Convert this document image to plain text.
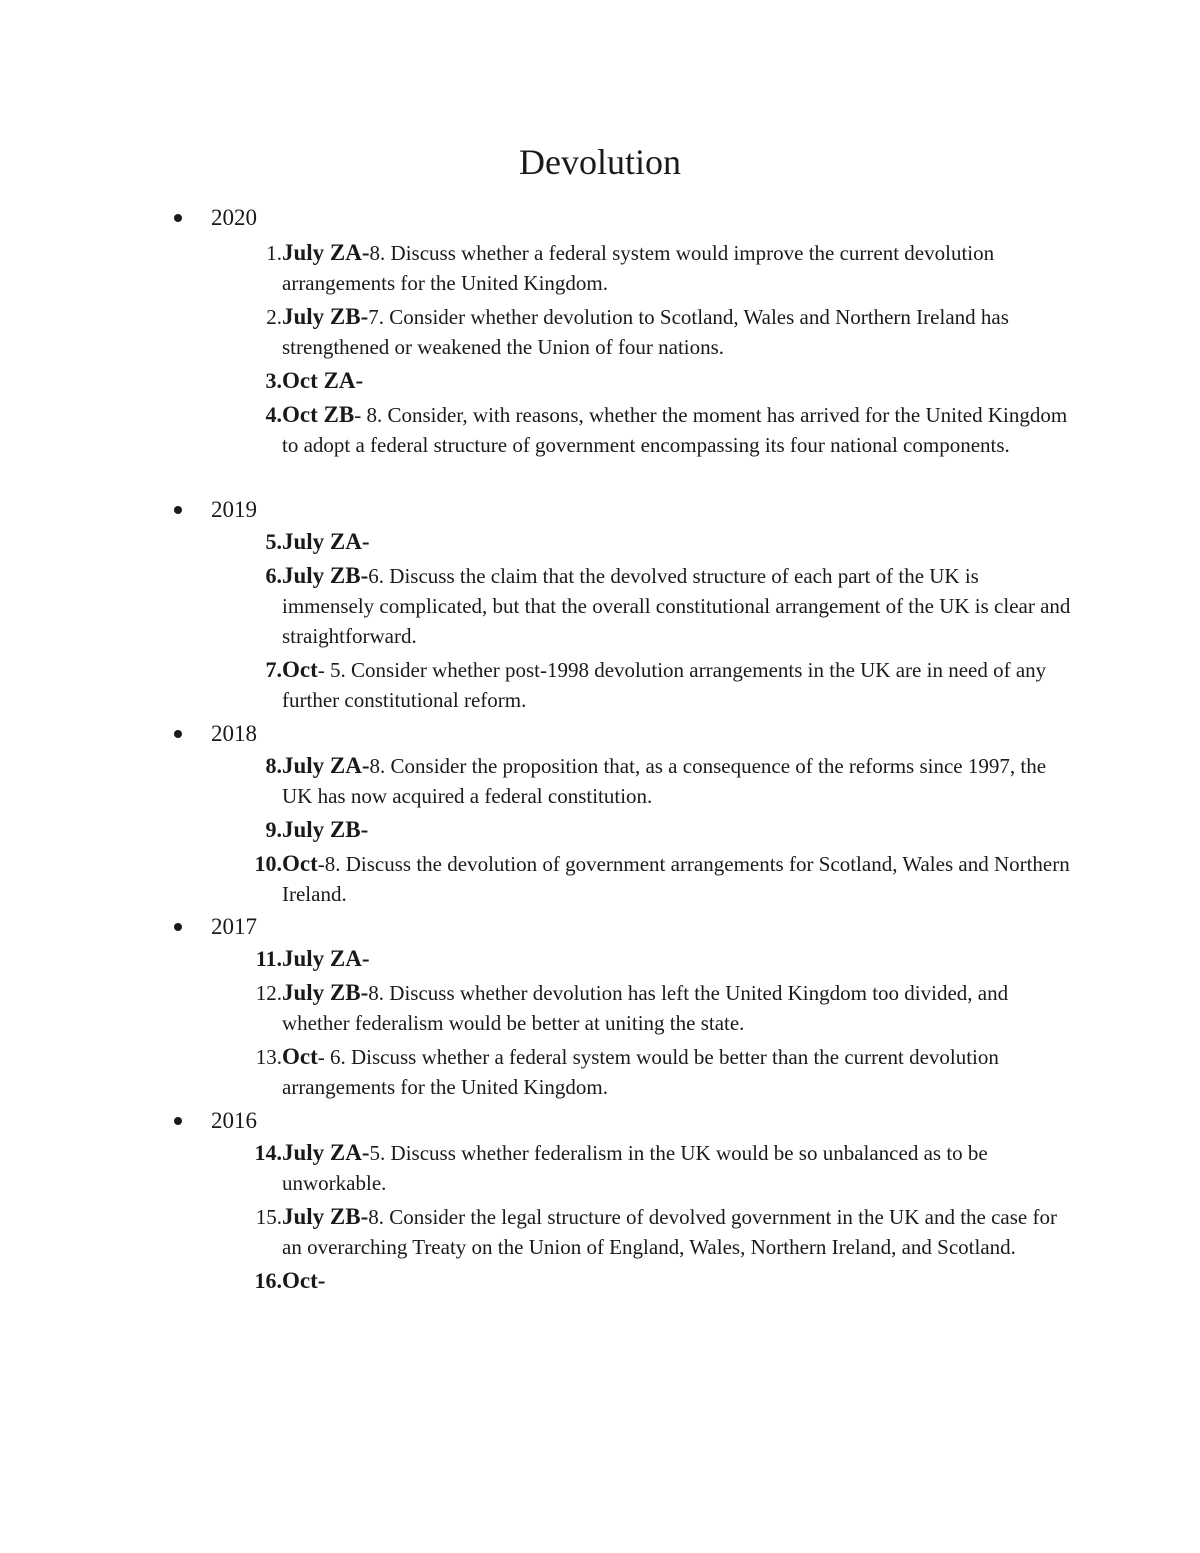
Devolution
2020
1. July ZA-8. Discuss whether a federal system would improve the current devolution arrangements for the United Kingdom.
2. July ZB-7. Consider whether devolution to Scotland, Wales and Northern Ireland has strengthened or weakened the Union of four nations.
3. Oct ZA-
4. Oct ZB- 8. Consider, with reasons, whether the moment has arrived for the United Kingdom to adopt a federal structure of government encompassing its four national components.
2019
5. July ZA-
6. July ZB-6. Discuss the claim that the devolved structure of each part of the UK is immensely complicated, but that the overall constitutional arrangement of the UK is clear and straightforward.
7. Oct- 5. Consider whether post-1998 devolution arrangements in the UK are in need of any further constitutional reform.
2018
8. July ZA-8. Consider the proposition that, as a consequence of the reforms since 1997, the UK has now acquired a federal constitution.
9. July ZB-
10. Oct-8. Discuss the devolution of government arrangements for Scotland, Wales and Northern Ireland.
2017
11. July ZA-
12. July ZB-8. Discuss whether devolution has left the United Kingdom too divided, and whether federalism would be better at uniting the state.
13. Oct- 6. Discuss whether a federal system would be better than the current devolution arrangements for the United Kingdom.
2016
14. July ZA-5. Discuss whether federalism in the UK would be so unbalanced as to be unworkable.
15. July ZB-8. Consider the legal structure of devolved government in the UK and the case for an overarching Treaty on the Union of England, Wales, Northern Ireland, and Scotland.
16. Oct-
